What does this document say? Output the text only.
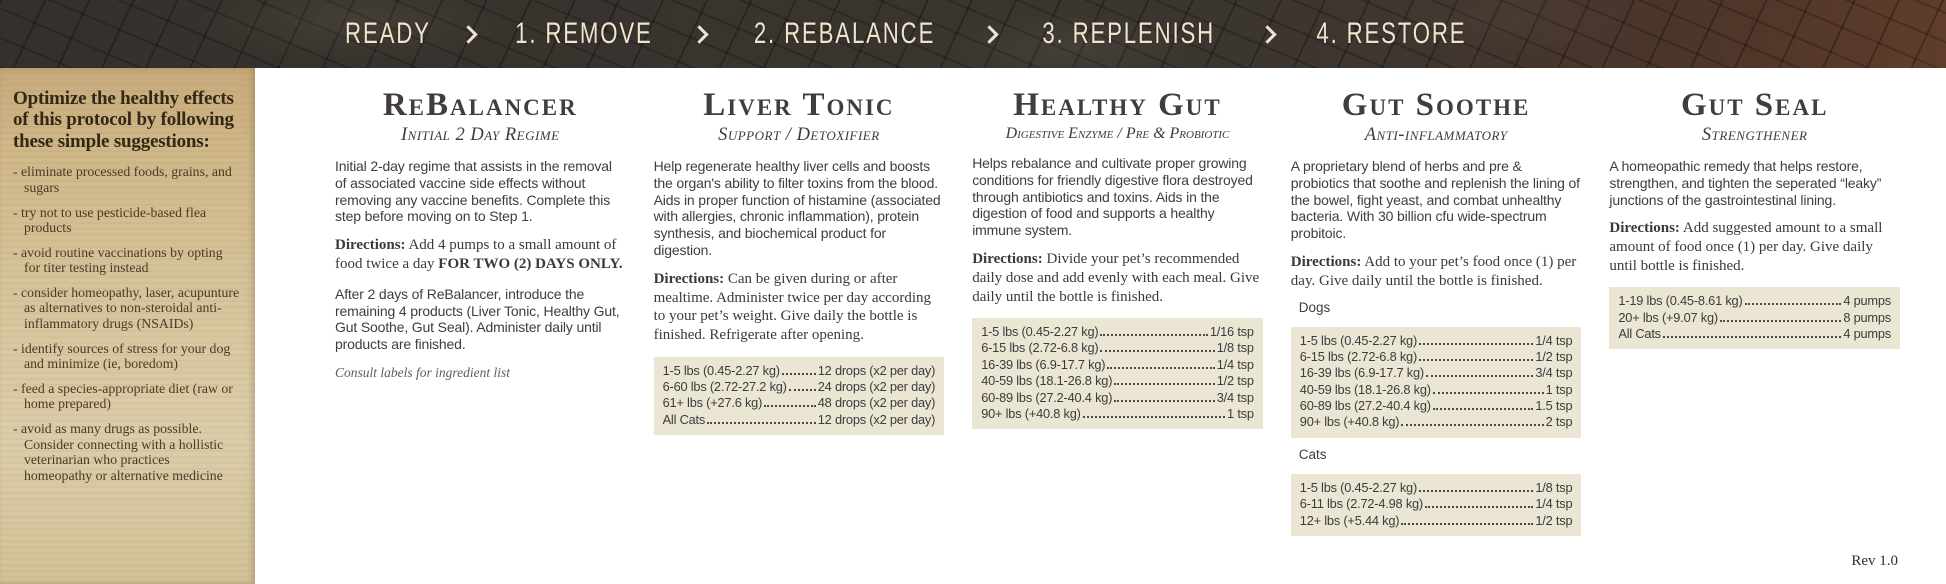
READY	1. REMOVE	2. REBALANCE	3. REPLENISH	4. RESTORE
Optimize the healthy effects of this protocol by following these simple suggestions:
- eliminate processed foods, grains, and sugars
- try not to use pesticide-based flea products
- avoid routine vaccinations by opting for titer testing instead
- consider homeopathy, laser, acupunture as alternatives to non-steroidal anti-inflammatory drugs (NSAIDs)
- identify sources of stress for your dog and minimize (ie, boredom)
- feed a species-appropriate diet (raw or home prepared)
- avoid as many drugs as possible. Consider connecting with a hollistic veterinarian who practices homeopathy or alternative medicine
ReBalancer
Initial 2 Day Regime

Initial 2-day regime that assists in the removal of associated vaccine side effects without removing any vaccine benefits. Complete this step before moving on to Step 1.

Directions: Add 4 pumps to a small amount of food twice a day FOR TWO (2) DAYS ONLY.

After 2 days of ReBalancer, introduce the remaining 4 products (Liver Tonic, Healthy Gut, Gut Soothe, Gut Seal). Administer daily until products are finished.

Consult labels for ingredient list

Liver Tonic
Support / Detoxifier

Help regenerate healthy liver cells and boosts the organ's ability to filter toxins from the blood. Aids in proper function of histamine (associated with allergies, chronic inflammation), protein synthesis, and biochemical product for digestion.

Directions: Can be given during or after mealtime. Administer twice per day according to your pet’s weight. Give daily the bottle is finished. Refrigerate after opening.

1-5 lbs (0.45-2.27 kg)	12 drops (x2 per day)
6-60 lbs (2.72-27.2 kg) 24 drops (x2 per day)
61+ lbs (+27.6 kg)	48 drops (x2 per day)
All Cats	12 drops (x2 per day)
Healthy Gut
Digestive Enzyme / Pre & Probiotic

Helps rebalance and cultivate proper growing conditions for friendly digestive flora destroyed through antibiotics and toxins. Aids in the digestion of food and supports a healthy immune system.

Directions: Divide your pet’s recommended daily dose and add evenly with each meal. Give daily until the bottle is finished.

1-5 lbs (0.45-2.27 kg)	1/16 tsp
6-15 lbs (2.72-6.8 kg)	1/8 tsp
16-39 lbs (6.9-17.7 kg)	1/4 tsp
40-59 lbs (18.1-26.8 kg)	1/2 tsp
60-89 lbs (27.2-40.4 kg)	3/4 tsp
90+ lbs (+40.8 kg)	1 tsp
Gut Soothe
Anti-inflammatory

A proprietary blend of herbs and pre & probiotics that soothe and replenish the lining of the bowel, fight yeast, and combat unhealthy bacteria. With 30 billion cfu wide-spectrum probitoic.

Directions: Add to your pet’s food once (1) per day. Give daily until the bottle is finished.

Dogs
1-5 lbs (0.45-2.27 kg)	1/4 tsp
6-15 lbs (2.72-6.8 kg)	1/2 tsp
16-39 lbs (6.9-17.7 kg)	3/4 tsp
40-59 lbs (18.1-26.8 kg)	1 tsp
60-89 lbs (27.2-40.4 kg)	1.5 tsp
90+ lbs (+40.8 kg)	2 tsp
Cats
1-5 lbs (0.45-2.27 kg)	1/8 tsp
6-11 lbs (2.72-4.98 kg)	1/4 tsp
12+ lbs (+5.44 kg)	1/2 tsp
Gut Seal
Strengthener

A homeopathic remedy that helps restore, strengthen, and tighten the seperated “leaky” junctions of the gastrointestinal lining.

Directions: Add suggested amount to a small amount of food once (1) per day. Give daily until bottle is finished.

1-19 lbs (0.45-8.61 kg)	4 pumps
20+ lbs (+9.07 kg)	8 pumps
All Cats	4 pumps
Rev 1.0
